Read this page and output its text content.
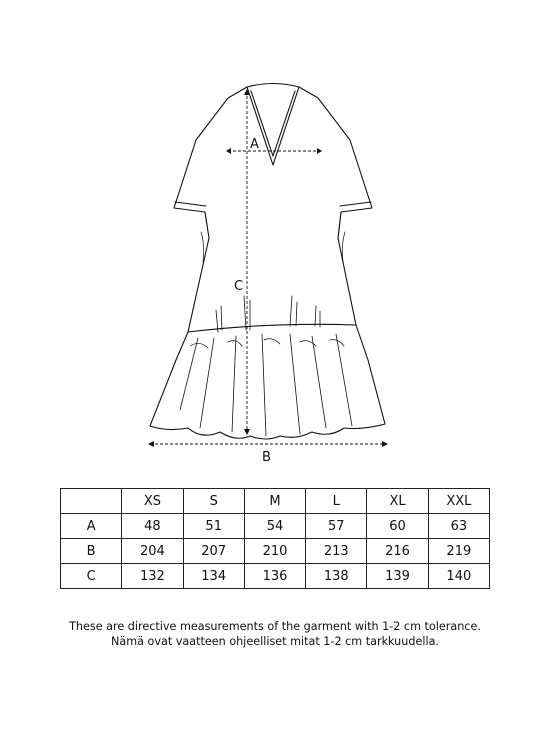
A
C
B
	XS	S	M	L	XL	XXL
A	48	51	54	57	60	63
B	204	207	210	213	216	219
C	132	134	136	138	139	140
These are directive measurements of the garment with 1-2 cm tolerance.
Nämä ovat vaatteen ohjeelliset mitat 1-2 cm tarkkuudella.
